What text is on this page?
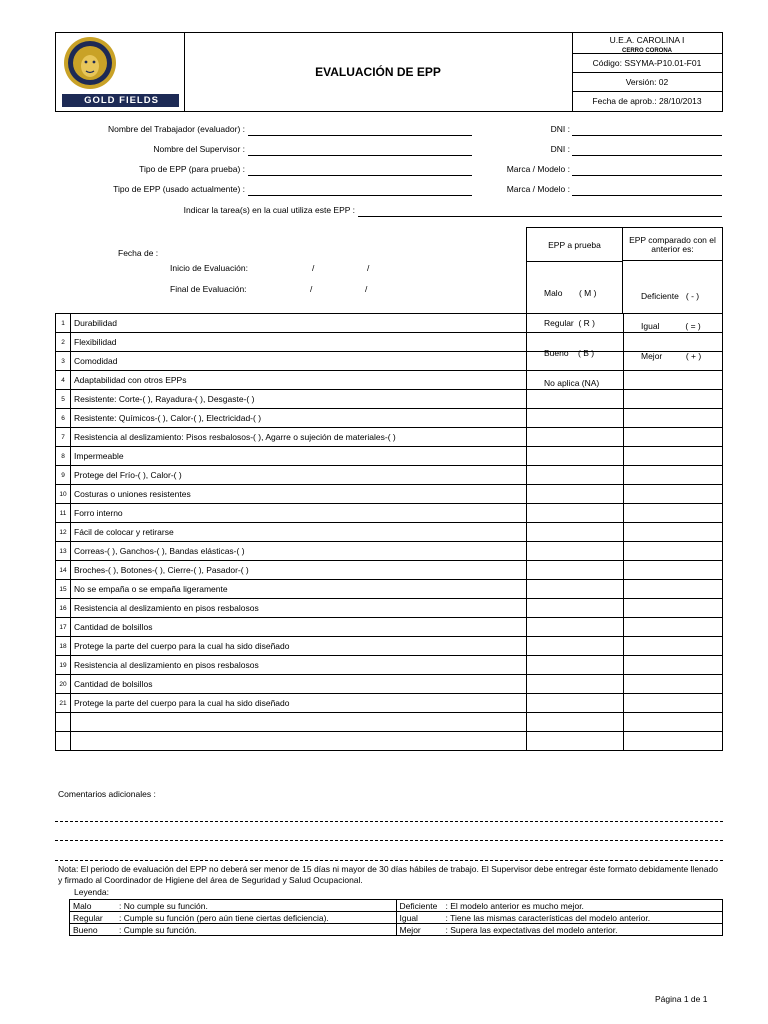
GOLD FIELDS
EVALUACIÓN DE EPP
U.E.A. CAROLINA I
CERRO CORONA
Código: SSYMA-P10.01-F01
Versión: 02
Fecha de aprob.: 28/10/2013
Nombre del Trabajador (evaluador) :	DNI :
Nombre del Supervisor :	DNI :
Tipo de EPP (para prueba) :	Marca / Modelo :
Tipo de EPP (usado actualmente) :	Marca / Modelo :
Indicar la tarea(s) en la cual utiliza este EPP :
Fecha de :
Inicio de Evaluación:	/	/
Final de Evaluación:	/	/
EPP a prueba

Malo       ( M )

Regular  ( R )

Bueno    ( B )

No aplica (NA)

EPP comparado con el anterior es:

Deficiente   ( - )

Igual           ( = )

Mejor          ( + )

1	Durabilidad		
2	Flexibilidad		
3	Comodidad		
4	Adaptabilidad con otros EPPs		
5	Resistente: Corte-( ), Rayadura-( ), Desgaste-( )		
6	Resistente: Químicos-( ), Calor-( ), Electricidad-( )		
7	Resistencia al deslizamiento: Pisos resbalosos-( ), Agarre o sujeción de materiales-( )		
8	Impermeable		
9	Protege del Frío-( ), Calor-( )		
10	Costuras o uniones resistentes		
11	Forro interno		
12	Fácil de colocar y retirarse		
13	Correas-( ), Ganchos-( ), Bandas elásticas-( )		
14	Broches-( ), Botones-( ), Cierre-( ), Pasador-( )		
15	No se empaña o se empaña ligeramente		
16	Resistencia al deslizamiento en pisos resbalosos		
17	Cantidad de bolsillos		
18	Protege la parte del cuerpo para la cual ha sido diseñado		
19	Resistencia al deslizamiento en pisos resbalosos		
20	Cantidad de bolsillos		
21	Protege la parte del cuerpo para la cual ha sido diseñado		

Comentarios adicionales :
Nota: El periodo de evaluación del EPP no deberá ser menor de 15 días ni mayor de 30 días hábiles de trabajo. El Supervisor debe entregar éste formato debidamente llenado y firmado al Coordinador de Higiene del área de Seguridad y Salud Ocupacional.
Leyenda:
Malo : No cumple su función.	Deficiente : El modelo anterior es mucho mejor.
Regular : Cumple su función (pero aún tiene ciertas deficiencia).	Igual : Tiene las mismas características del modelo anterior.
Bueno : Cumple su función.	Mejor : Supera las expectativas del modelo anterior.
Página 1 de 1
